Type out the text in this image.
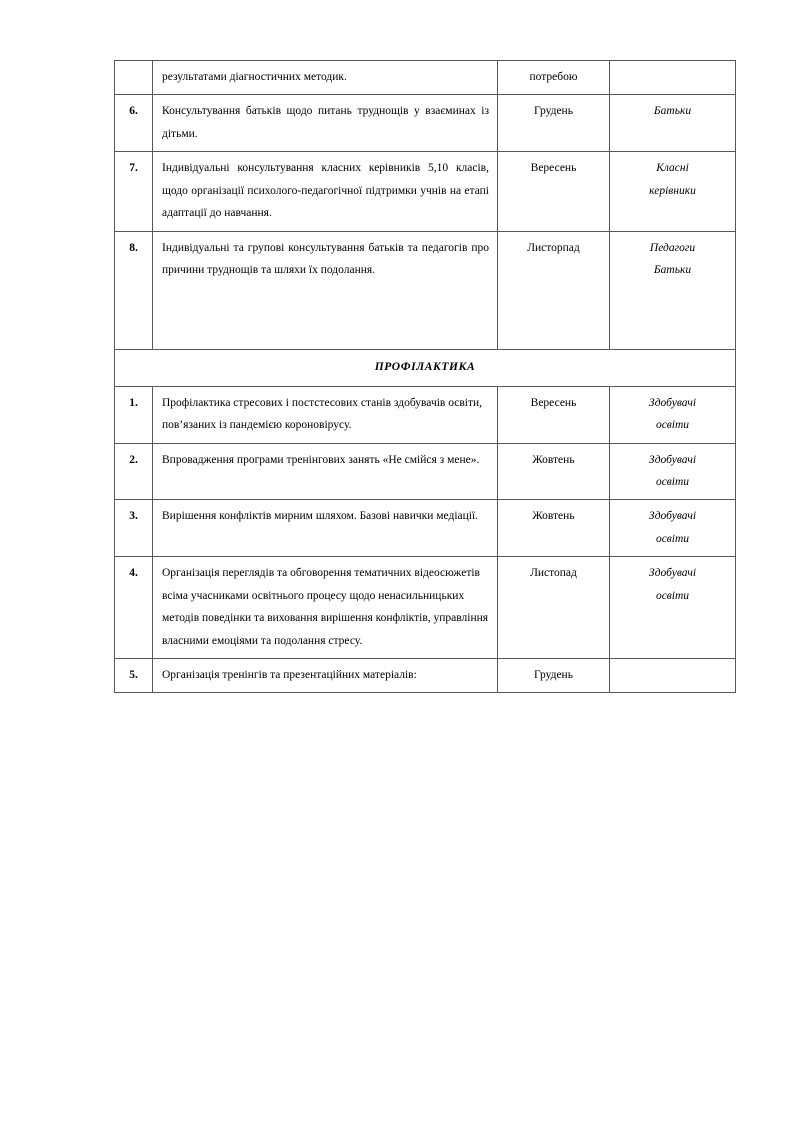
	результатами діагностичних методик.	потребою	

6.	Консультування батьків щодо питань труднощів у взаєминах із дітьми.	Грудень	Батьки

7.	Індивідуальні консультування класних керівників 5,10 класів, щодо організації психолого-педагогічної підтримки учнів на етапі адаптації до навчання.	Вересень	Класні
керівники

8.	Індивідуальні та групові консультування батьків та педагогів про причини труднощів та шляхи їх подолання.	Листорпад	Педагоги
Батьки

ПРОФІЛАКТИКА			

1.	Профілактика стресових і постстесових станів здобувачів освіти, пов’язаних із пандемією короновірусу.	Вересень	Здобувачі
освіти

2.	Впровадження програми тренінгових занять «Не смійся з мене».	Жовтень	Здобувачі
освіти

3.	Вирішення конфліктів мирним шляхом. Базові навички медіації.	Жовтень	Здобувачі
освіти

4.	Організація переглядів та обговорення тематичних відеосюжетів всіма учасниками освітнього процесу щодо ненасильницьких методів поведінки та виховання вирішення конфліктів, управління власними емоціями та подолання стресу.	Листопад	Здобувачі
освіти

5.	Організація тренінгів та презентаційних матеріалів:	Грудень	
